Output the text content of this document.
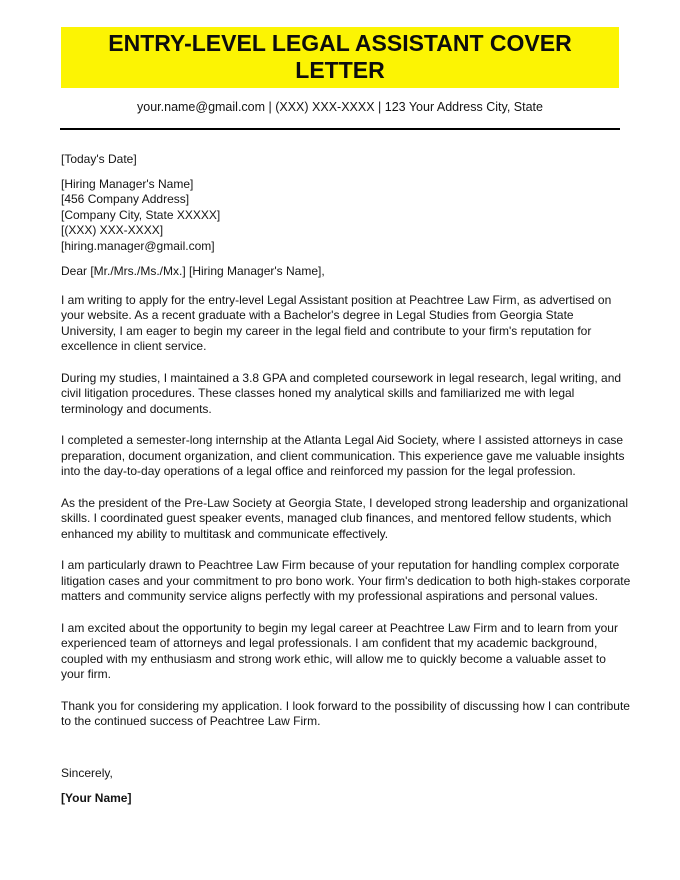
ENTRY-LEVEL LEGAL ASSISTANT COVER LETTER

your.name@gmail.com | (XXX) XXX-XXXX | 123 Your Address City, State

[Today's Date]
[Hiring Manager's Name]
[456 Company Address]
[Company City, State XXXXX]
[(XXX) XXX-XXXX]
[hiring.manager@gmail.com]
Dear [Mr./Mrs./Ms./Mx.] [Hiring Manager's Name],
I am writing to apply for the entry-level Legal Assistant position at Peachtree Law Firm, as advertised on
your website. As a recent graduate with a Bachelor's degree in Legal Studies from Georgia State
University, I am eager to begin my career in the legal field and contribute to your firm's reputation for
excellence in client service.
During my studies, I maintained a 3.8 GPA and completed coursework in legal research, legal writing, and
civil litigation procedures. These classes honed my analytical skills and familiarized me with legal
terminology and documents.
I completed a semester-long internship at the Atlanta Legal Aid Society, where I assisted attorneys in case
preparation, document organization, and client communication. This experience gave me valuable insights
into the day-to-day operations of a legal office and reinforced my passion for the legal profession.
As the president of the Pre-Law Society at Georgia State, I developed strong leadership and organizational
skills. I coordinated guest speaker events, managed club finances, and mentored fellow students, which
enhanced my ability to multitask and communicate effectively.
I am particularly drawn to Peachtree Law Firm because of your reputation for handling complex corporate
litigation cases and your commitment to pro bono work. Your firm's dedication to both high-stakes corporate
matters and community service aligns perfectly with my professional aspirations and personal values.
I am excited about the opportunity to begin my legal career at Peachtree Law Firm and to learn from your
experienced team of attorneys and legal professionals. I am confident that my academic background,
coupled with my enthusiasm and strong work ethic, will allow me to quickly become a valuable asset to
your firm.
Thank you for considering my application. I look forward to the possibility of discussing how I can contribute
to the continued success of Peachtree Law Firm.
Sincerely,
[Your Name]
